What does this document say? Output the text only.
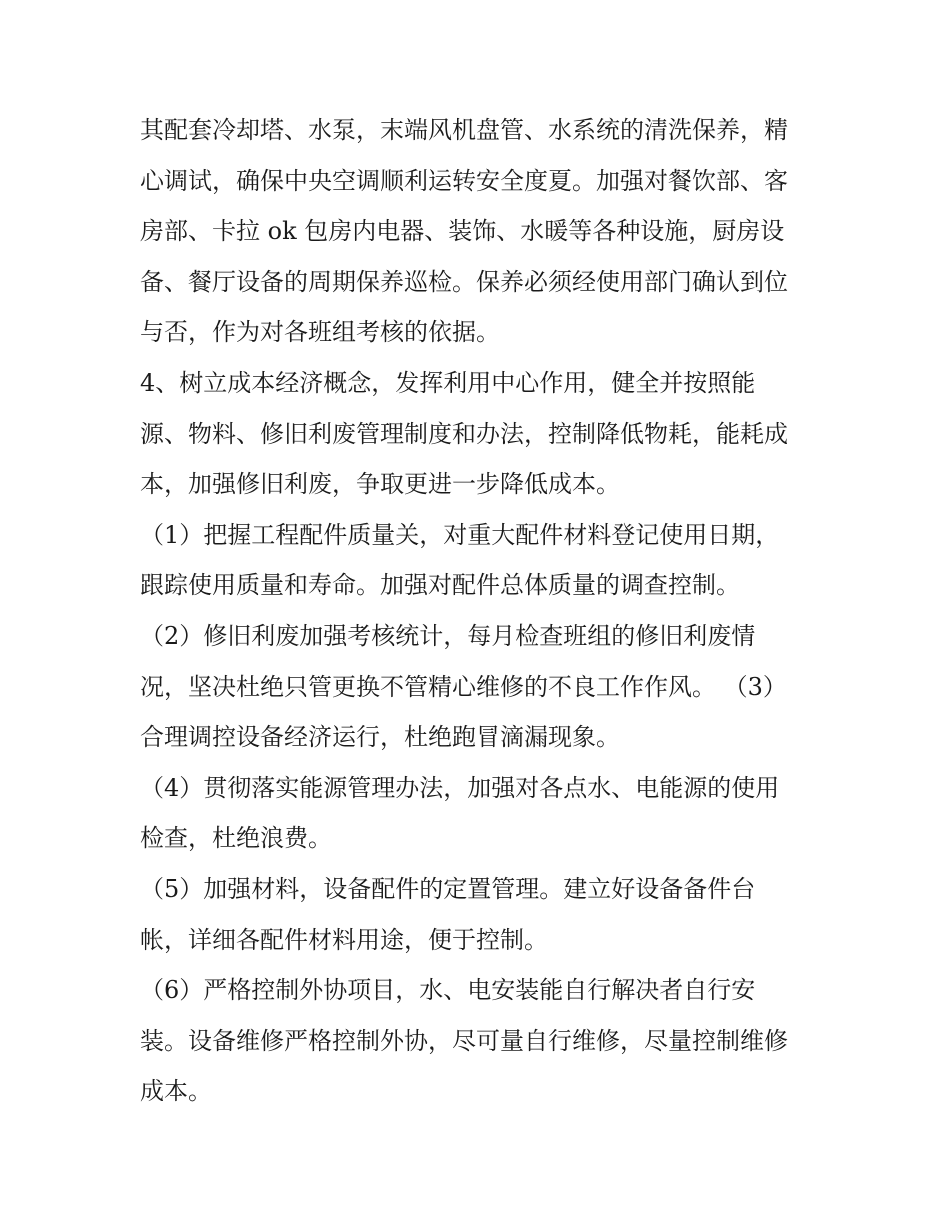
其配套冷却塔、水泵，末端风机盘管、水系统的清洗保养，精
心调试，确保中央空调顺利运转安全度夏。加强对餐饮部、客
房部、卡拉 ok 包房内电器、装饰、水暖等各种设施，厨房设
备、餐厅设备的周期保养巡检。保养必须经使用部门确认到位
与否，作为对各班组考核的依据。
4、树立成本经济概念，发挥利用中心作用，健全并按照能
源、物料、修旧利废管理制度和办法，控制降低物耗，能耗成
本，加强修旧利废，争取更进一步降低成本。
（1）把握工程配件质量关，对重大配件材料登记使用日期，
跟踪使用质量和寿命。加强对配件总体质量的调查控制。
（2）修旧利废加强考核统计，每月检查班组的修旧利废情
况，坚决杜绝只管更换不管精心维修的不良工作作风。 （3）
合理调控设备经济运行，杜绝跑冒滴漏现象。
（4）贯彻落实能源管理办法，加强对各点水、电能源的使用
检查，杜绝浪费。
（5）加强材料，设备配件的定置管理。建立好设备备件台
帐，详细各配件材料用途，便于控制。
（6）严格控制外协项目，水、电安装能自行解决者自行安
装。设备维修严格控制外协，尽可量自行维修，尽量控制维修
成本。
